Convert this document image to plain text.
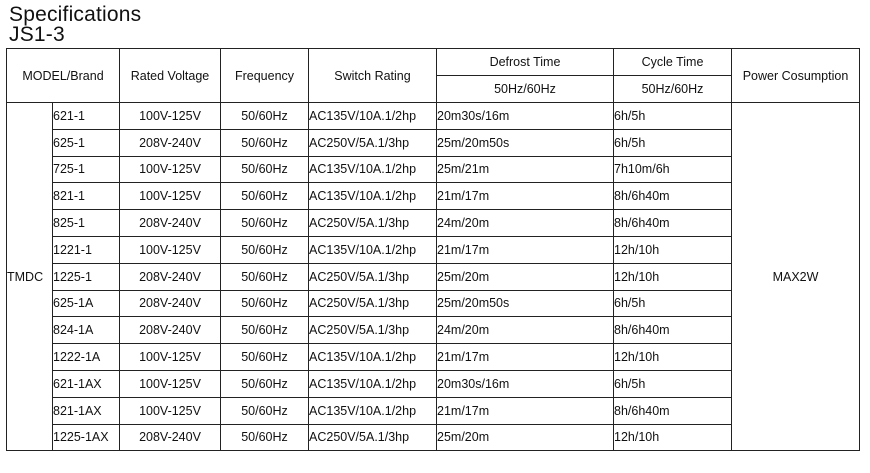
Specifications
JS1-3
MODEL/Brand		Rated Voltage	Frequency	Switch Rating	Defrost Time	Cycle Time	Power Cosumption
					50Hz/60Hz	50Hz/60Hz	
TMDC	621-1	100V-125V	50/60Hz	AC135V/10A.1/2hp	20m30s/16m	6h/5h	MAX2W
	625-1	208V-240V	50/60Hz	AC250V/5A.1/3hp	25m/20m50s	6h/5h	
	725-1	100V-125V	50/60Hz	AC135V/10A.1/2hp	25m/21m	7h10m/6h	
	821-1	100V-125V	50/60Hz	AC135V/10A.1/2hp	21m/17m	8h/6h40m	
	825-1	208V-240V	50/60Hz	AC250V/5A.1/3hp	24m/20m	8h/6h40m	
	1221-1	100V-125V	50/60Hz	AC135V/10A.1/2hp	21m/17m	12h/10h	
	1225-1	208V-240V	50/60Hz	AC250V/5A.1/3hp	25m/20m	12h/10h	
	625-1A	208V-240V	50/60Hz	AC250V/5A.1/3hp	25m/20m50s	6h/5h	
	824-1A	208V-240V	50/60Hz	AC250V/5A.1/3hp	24m/20m	8h/6h40m	
	1222-1A	100V-125V	50/60Hz	AC135V/10A.1/2hp	21m/17m	12h/10h	
	621-1AX	100V-125V	50/60Hz	AC135V/10A.1/2hp	20m30s/16m	6h/5h	
	821-1AX	100V-125V	50/60Hz	AC135V/10A.1/2hp	21m/17m	8h/6h40m	
	1225-1AX	208V-240V	50/60Hz	AC250V/5A.1/3hp	25m/20m	12h/10h	
